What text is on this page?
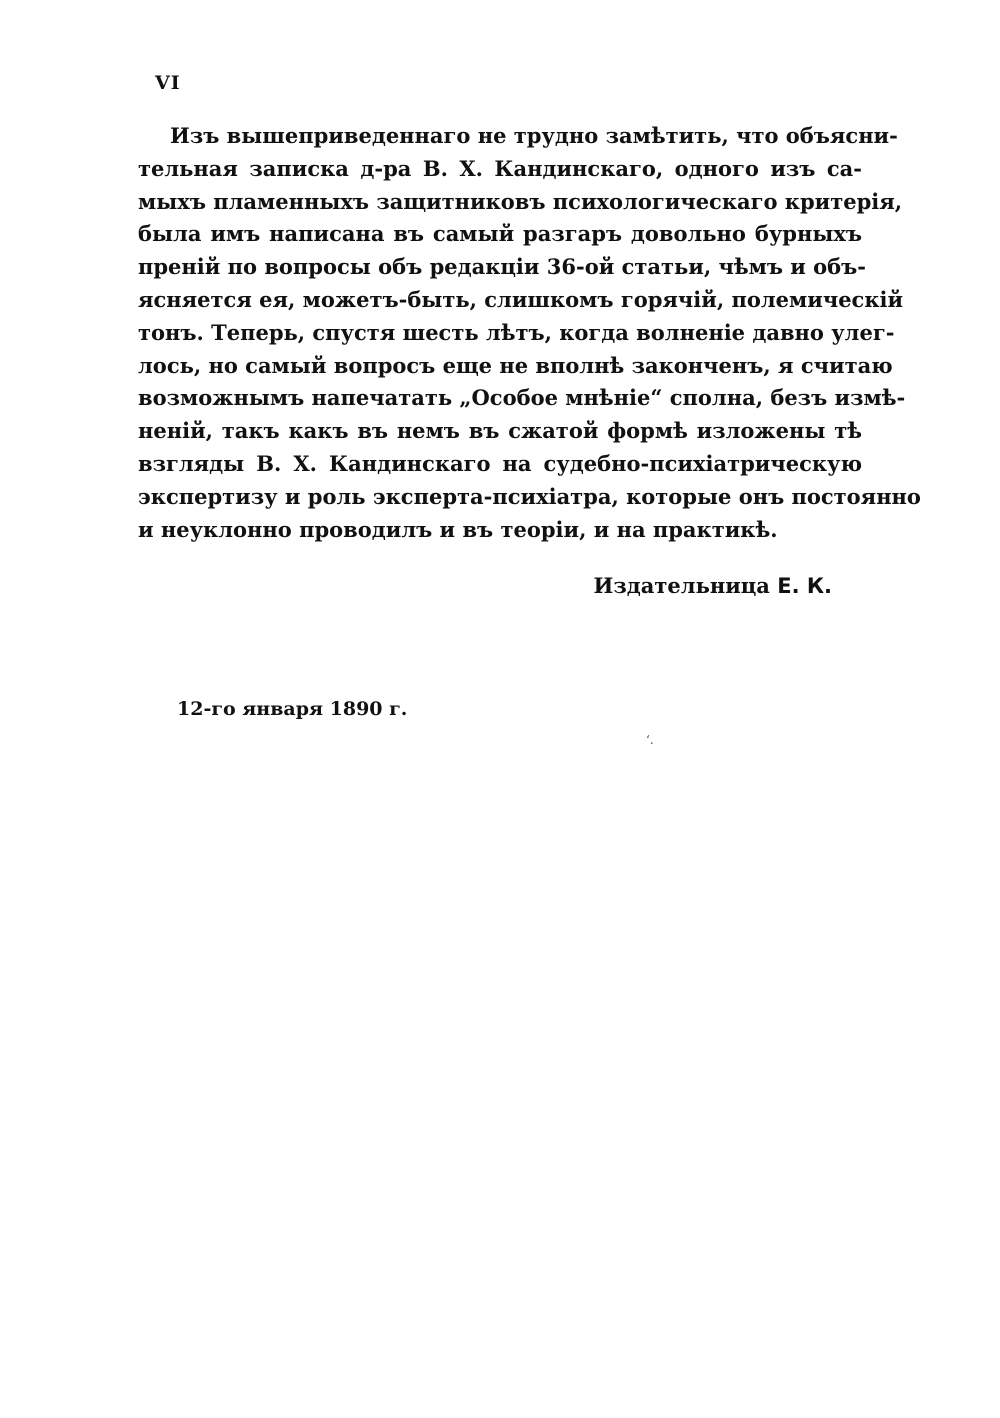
VI
Изъ вышеприведеннаго не трудно замѣтить, что объясни-
тельная записка д-ра В. Х. Кандинскаго, одного изъ са-
мыхъ пламенныхъ защитниковъ психологическаго критерія,
была имъ написана въ самый разгаръ довольно бурныхъ
преній по вопросы объ редакціи 36-ой статьи, чѣмъ и объ-
ясняется ея, можетъ-быть, слишкомъ горячій, полемическій
тонъ. Теперь, спустя шесть лѣтъ, когда волненіе давно улег-
лось, но самый вопросъ еще не вполнѣ законченъ, я считаю
возможнымъ напечатать „Особое мнѣніе“ сполна, безъ измѣ-
неній, такъ какъ въ немъ въ сжатой формѣ изложены тѣ
взгляды В. Х. Кандинскаго на судебно-психіатрическую
экспертизу и роль эксперта-психіатра, которые онъ постоянно
и неуклонно проводилъ и въ теоріи, и на практикѣ.
Издательница Е. К.
12-го января 1890 г.
‘.
